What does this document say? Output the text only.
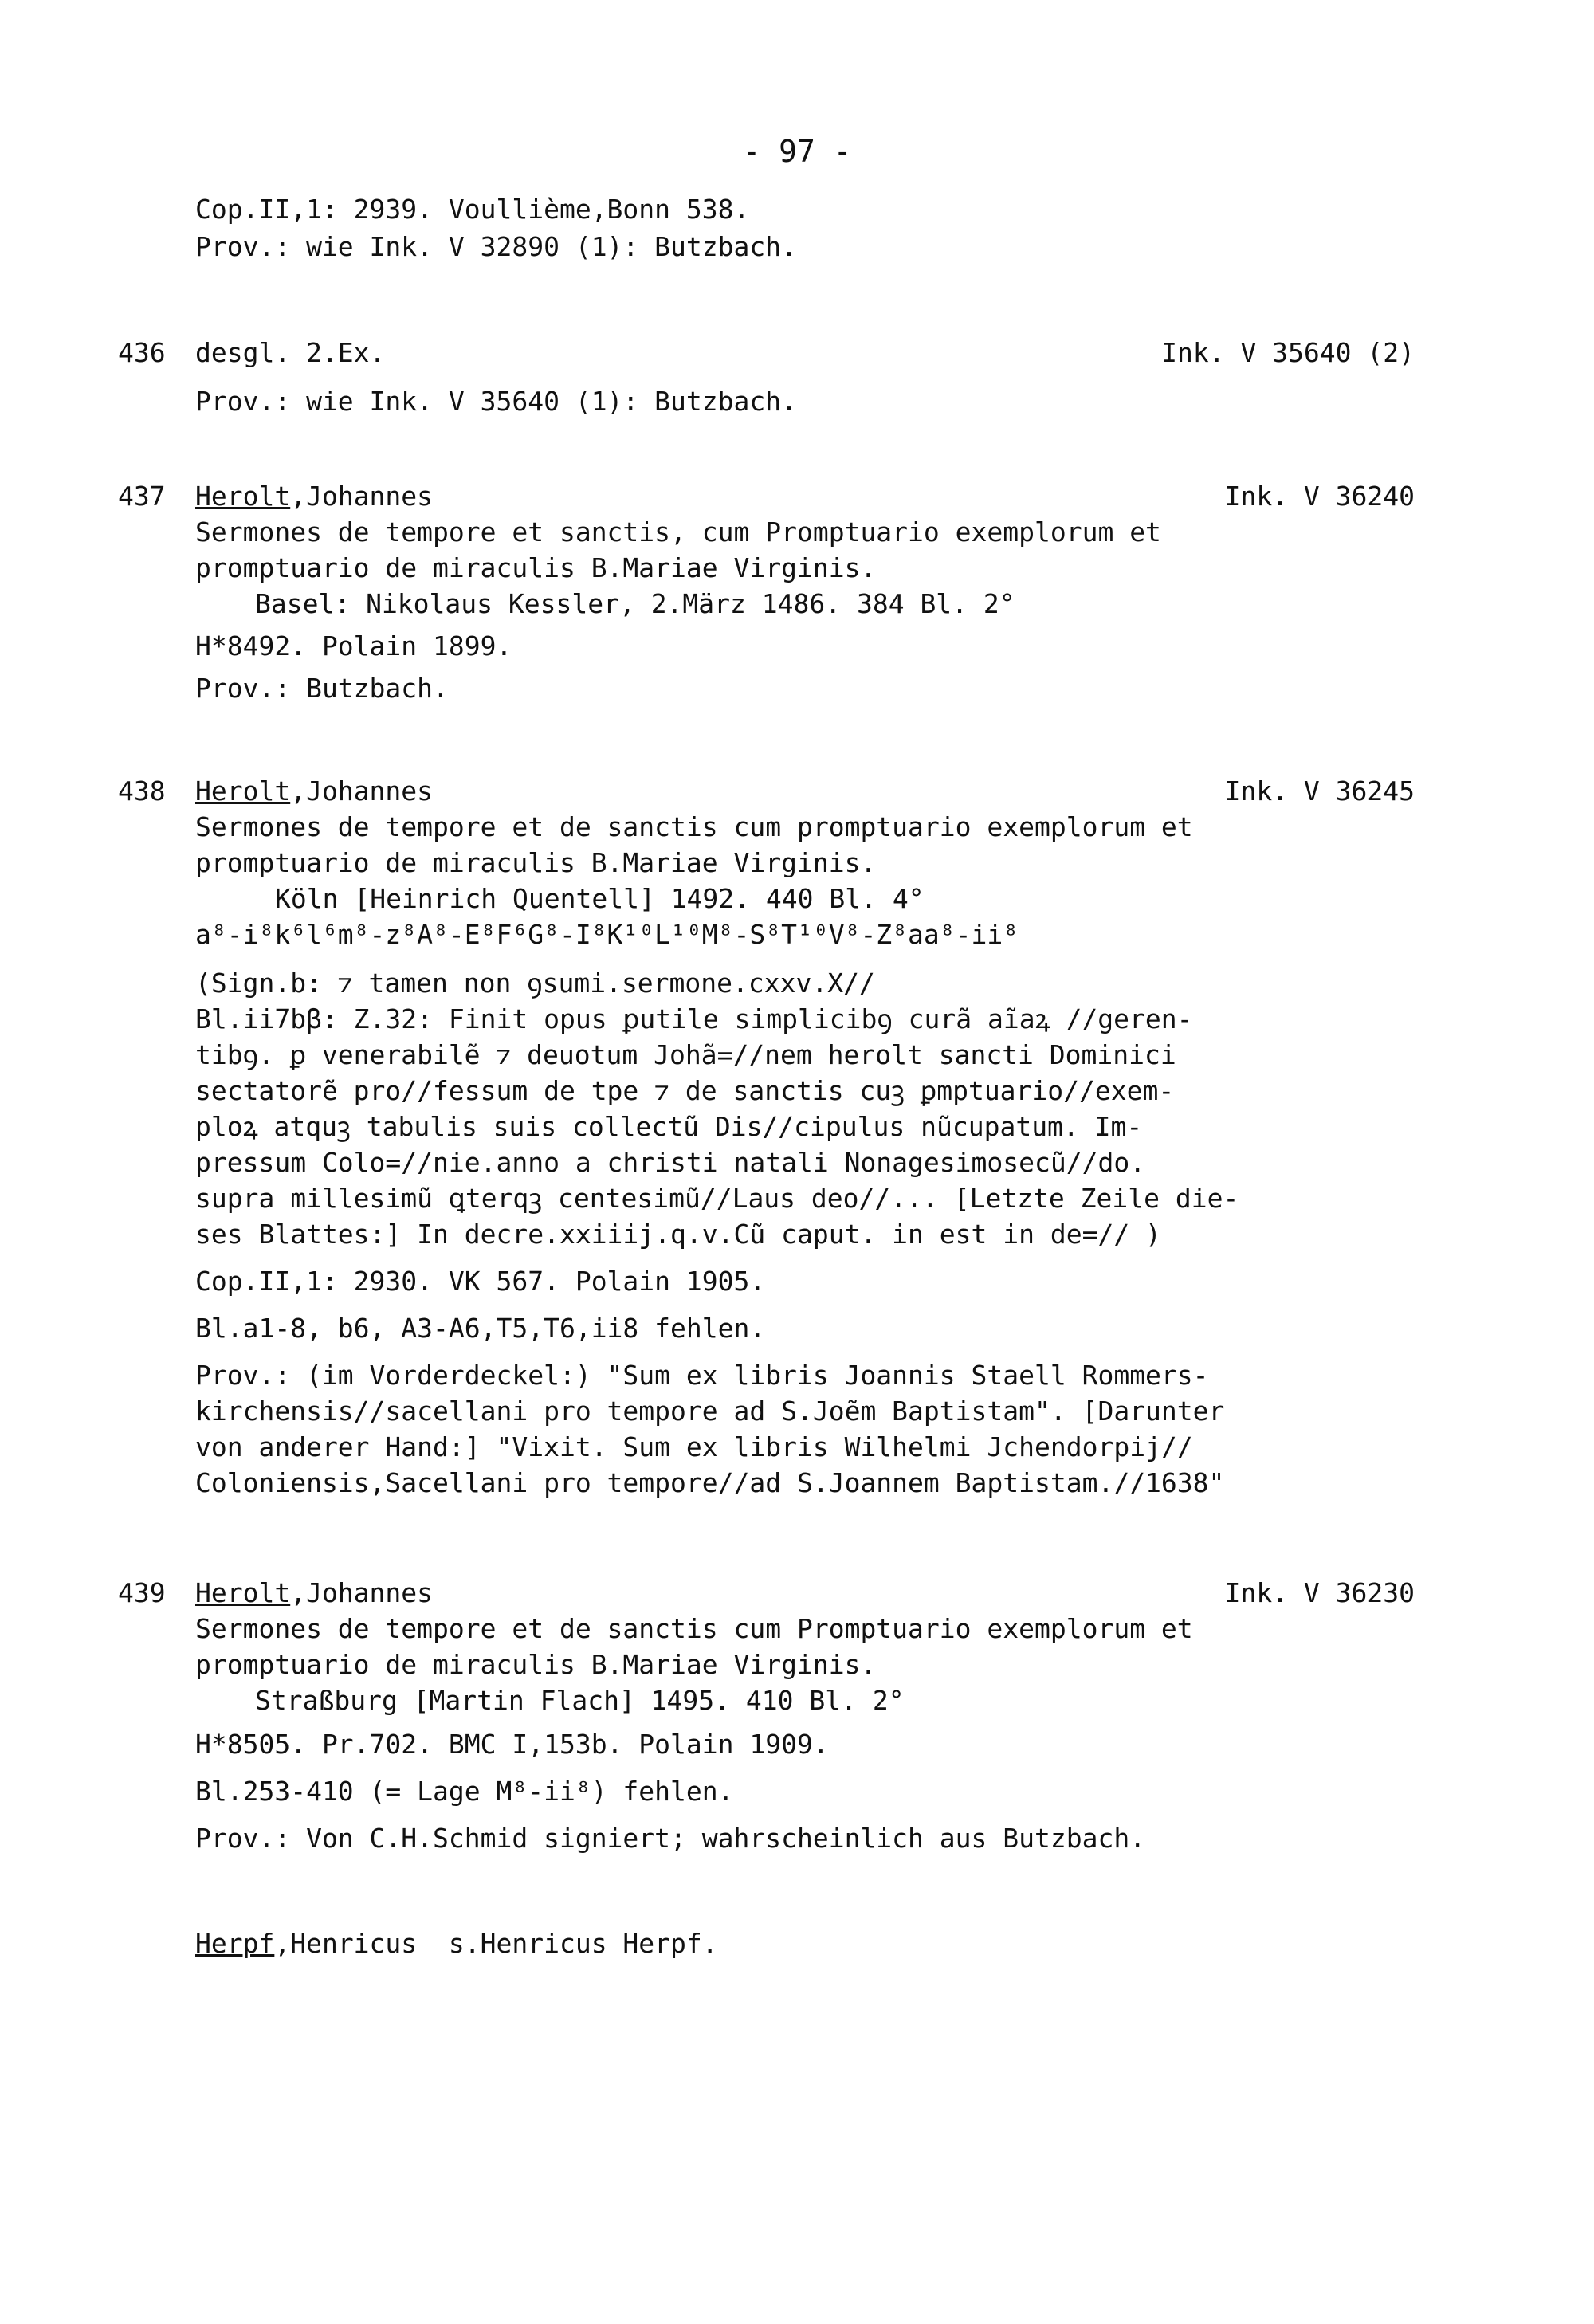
- 97 -
Cop.II,1: 2939. Voullième,Bonn 538.
Prov.: wie Ink. V 32890 (1): Butzbach.
436 desgl. 2.Ex.	Ink. V 35640 (2)
Prov.: wie Ink. V 35640 (1): Butzbach.
437 Herolt,Johannes	Ink. V 36240
Sermones de tempore et sanctis, cum Promptuario exemplorum et
promptuario de miraculis B.Mariae Virginis.
Basel: Nikolaus Kessler, 2.März 1486. 384 Bl. 2°
H*8492. Polain 1899.
Prov.: Butzbach.
438 Herolt,Johannes	Ink. V 36245
Sermones de tempore et de sanctis cum promptuario exemplorum et
promptuario de miraculis B.Mariae Virginis.
Köln [Heinrich Quentell] 1492. 440 Bl. 4°
a⁸-i⁸k⁶l⁶m⁸-z⁸A⁸-E⁸F⁶G⁸-I⁸K¹⁰L¹⁰M⁸-S⁸T¹⁰V⁸-Z⁸aa⁸-ii⁸
(Sign.b: ⁊ tamen non ꝯsumi.sermone.cxxv.X//
Bl.ii7bβ: Z.32: Finit opus ꝑutile simplicibꝯ curã aĩaꝝ //geren-
tibꝯ. ꝑ venerabilẽ ⁊ deuotum Johã=//nem herolt sancti Dominici
sectatorẽ pro//fessum de tpe ⁊ de sanctis cuꝫ ꝑmptuario//exem-
ploꝝ atquꝫ tabulis suis collectũ Dis//cipulus nũcupatum. Im-
pressum Colo=//nie.anno a christi natali Nonagesimosecũ//do.
supra millesimũ ꝗterqꝫ centesimũ//Laus deo//... [Letzte Zeile die-
ses Blattes:] In decre.xxiiij.q.v.Cũ caput. in est in de=// )
Cop.II,1: 2930. VK 567. Polain 1905.
Bl.a1-8, b6, A3-A6,T5,T6,ii8 fehlen.
Prov.: (im Vorderdeckel:) "Sum ex libris Joannis Staell Rommers-
kirchensis//sacellani pro tempore ad S.Joẽm Baptistam". [Darunter
von anderer Hand:] "Vixit. Sum ex libris Wilhelmi Jchendorpij//
Coloniensis,Sacellani pro tempore//ad S.Joannem Baptistam.//1638"
439 Herolt,Johannes	Ink. V 36230
Sermones de tempore et de sanctis cum Promptuario exemplorum et
promptuario de miraculis B.Mariae Virginis.
Straßburg [Martin Flach] 1495. 410 Bl. 2°
H*8505. Pr.702. BMC I,153b. Polain 1909.
Bl.253-410 (= Lage M⁸-ii⁸) fehlen.
Prov.: Von C.H.Schmid signiert; wahrscheinlich aus Butzbach.
Herpf,Henricus  s.Henricus Herpf.
